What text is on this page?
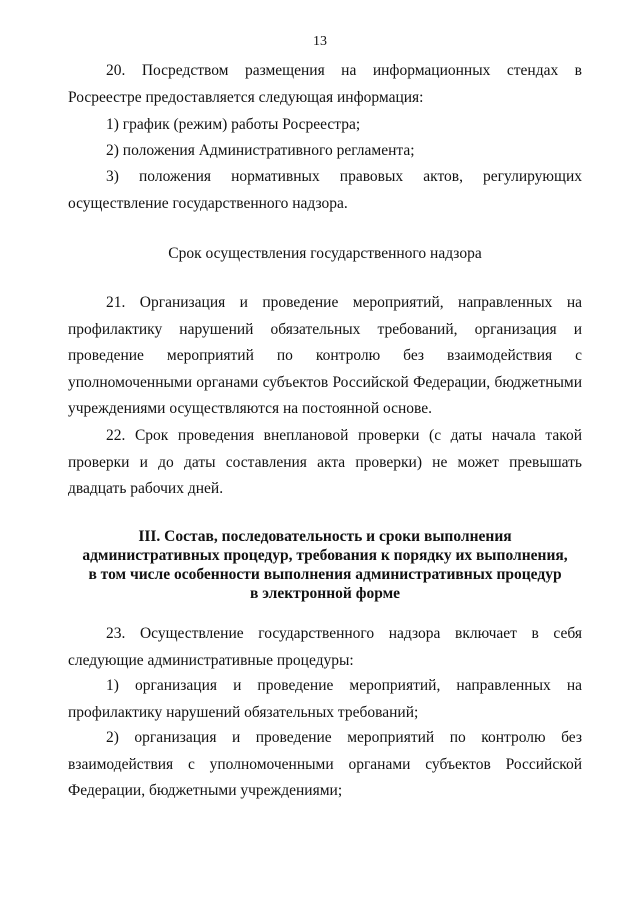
13

20. Посредством размещения на информационных стендах в Росреестре предоставляется следующая информация:

1) график (режим) работы Росреестра;

2) положения Административного регламента;

3) положения нормативных правовых актов, регулирующих осуществление государственного надзора.

Срок осуществления государственного надзора

21. Организация и проведение мероприятий, направленных на профилактику нарушений обязательных требований, организация и проведение мероприятий по контролю без взаимодействия с уполномоченными органами субъектов Российской Федерации, бюджетными учреждениями осуществляются на постоянной основе.

22. Срок проведения внеплановой проверки (с даты начала такой проверки и до даты составления акта проверки) не может превышать двадцать рабочих дней.

III. Состав, последовательность и сроки выполнения
административных процедур, требования к порядку их выполнения,
в том числе особенности выполнения административных процедур
в электронной форме

23. Осуществление государственного надзора включает в себя следующие административные процедуры:

1) организация и проведение мероприятий, направленных на профилактику нарушений обязательных требований;

2) организация и проведение мероприятий по контролю без взаимодействия с уполномоченными органами субъектов Российской Федерации, бюджетными учреждениями;
